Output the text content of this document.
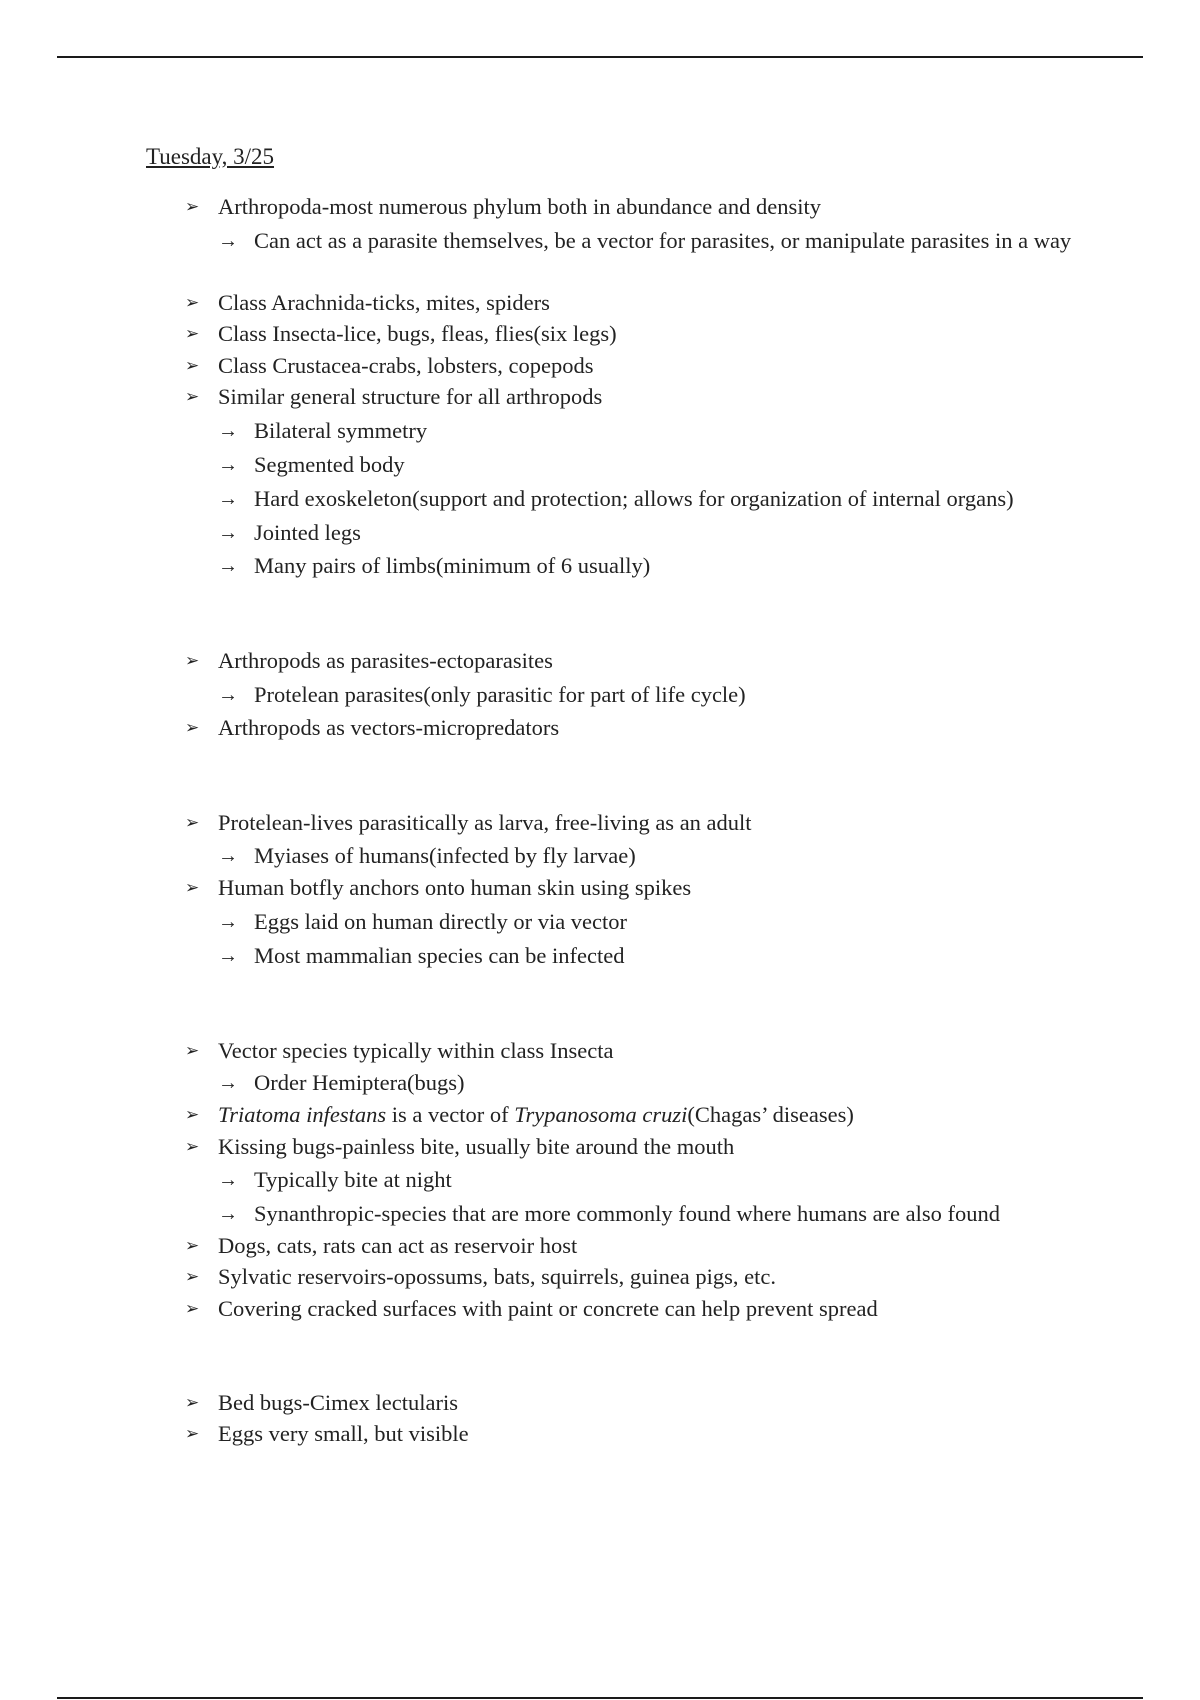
Tuesday, 3/25
➢ Arthropoda-most numerous phylum both in abundance and density
→ Can act as a parasite themselves, be a vector for parasites, or manipulate parasites in a way
➢ Class Arachnida-ticks, mites, spiders
➢ Class Insecta-lice, bugs, fleas, flies(six legs)
➢ Class Crustacea-crabs, lobsters, copepods
➢ Similar general structure for all arthropods
→ Bilateral symmetry
→ Segmented body
→ Hard exoskeleton(support and protection; allows for organization of internal organs)
→ Jointed legs
→ Many pairs of limbs(minimum of 6 usually)
➢ Arthropods as parasites-ectoparasites
→ Protelean parasites(only parasitic for part of life cycle)
➢ Arthropods as vectors-micropredators
➢ Protelean-lives parasitically as larva, free-living as an adult
→ Myiases of humans(infected by fly larvae)
➢ Human botfly anchors onto human skin using spikes
→ Eggs laid on human directly or via vector
→ Most mammalian species can be infected
➢ Vector species typically within class Insecta
→ Order Hemiptera(bugs)
➢ Triatoma infestans is a vector of Trypanosoma cruzi(Chagas’ diseases)
➢ Kissing bugs-painless bite, usually bite around the mouth
→ Typically bite at night
→ Synanthropic-species that are more commonly found where humans are also found
➢ Dogs, cats, rats can act as reservoir host
➢ Sylvatic reservoirs-opossums, bats, squirrels, guinea pigs, etc.
➢ Covering cracked surfaces with paint or concrete can help prevent spread
➢ Bed bugs-Cimex lectularis
➢ Eggs very small, but visible
